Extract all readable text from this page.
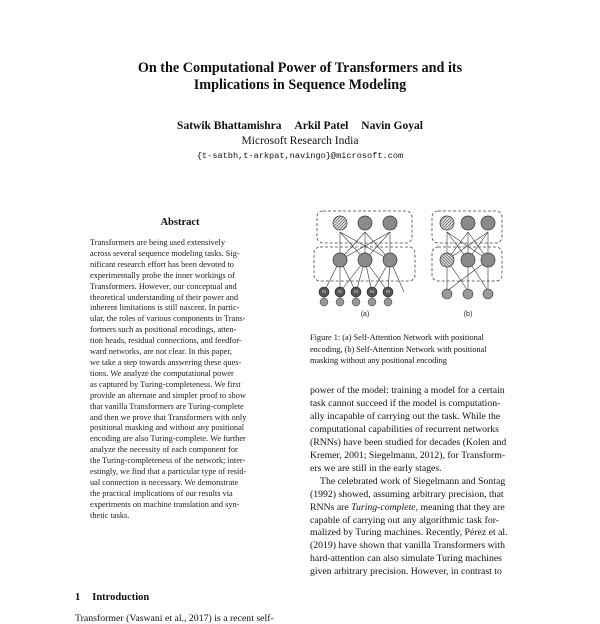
On the Computational Power of Transformers and its
Implications in Sequence Modeling
Satwik Bhattamishra Arkil Patel Navin Goyal
Microsoft Research India
{t-satbh,t-arkpat,navingo}@microsoft.com
Abstract
Transformers are being used extensively
across several sequence modeling tasks. Sig-
nificant research effort has been devoted to
experimentally probe the inner workings of
Transformers. However, our conceptual and
theoretical understanding of their power and
inherent limitations is still nascent. In partic-
ular, the roles of various components in Trans-
formers such as positional encodings, atten-
tion heads, residual connections, and feedfor-
ward networks, are not clear. In this paper,
we take a step towards answering these ques-
tions. We analyze the computational power
as captured by Turing-completeness. We first
provide an alternate and simpler proof to show
that vanilla Transformers are Turing-complete
and then we prove that Transformers with only
positional masking and without any positional
encoding are also Turing-complete. We further
analyze the necessity of each component for
the Turing-completeness of the network; inter-
estingly, we find that a particular type of resid-
ual connection is necessary. We demonstrate
the practical implications of our results via
experiments on machine translation and syn-
thetic tasks.
1 Introduction
Transformer (Vaswani et al., 2017) is a recent self-
P1	P2	P3	P4	P5
(a)	(b)
Figure 1: (a) Self-Attention Network with positional
encoding, (b) Self-Attention Network with positional
masking without any positional encoding
power of the model: training a model for a certain
task cannot succeed if the model is computation-
ally incapable of carrying out the task. While the
computational capabilities of recurrent networks
(RNNs) have been studied for decades (Kolen and
Kremer, 2001; Siegelmann, 2012), for Transform-
ers we are still in the early stages.
The celebrated work of Siegelmann and Sontag
(1992) showed, assuming arbitrary precision, that
RNNs are Turing-complete, meaning that they are
capable of carrying out any algorithmic task for-
malized by Turing machines. Recently, Pérez et al.
(2019) have shown that vanilla Transformers with
hard-attention can also simulate Turing machines
given arbitrary precision. However, in contrast to
